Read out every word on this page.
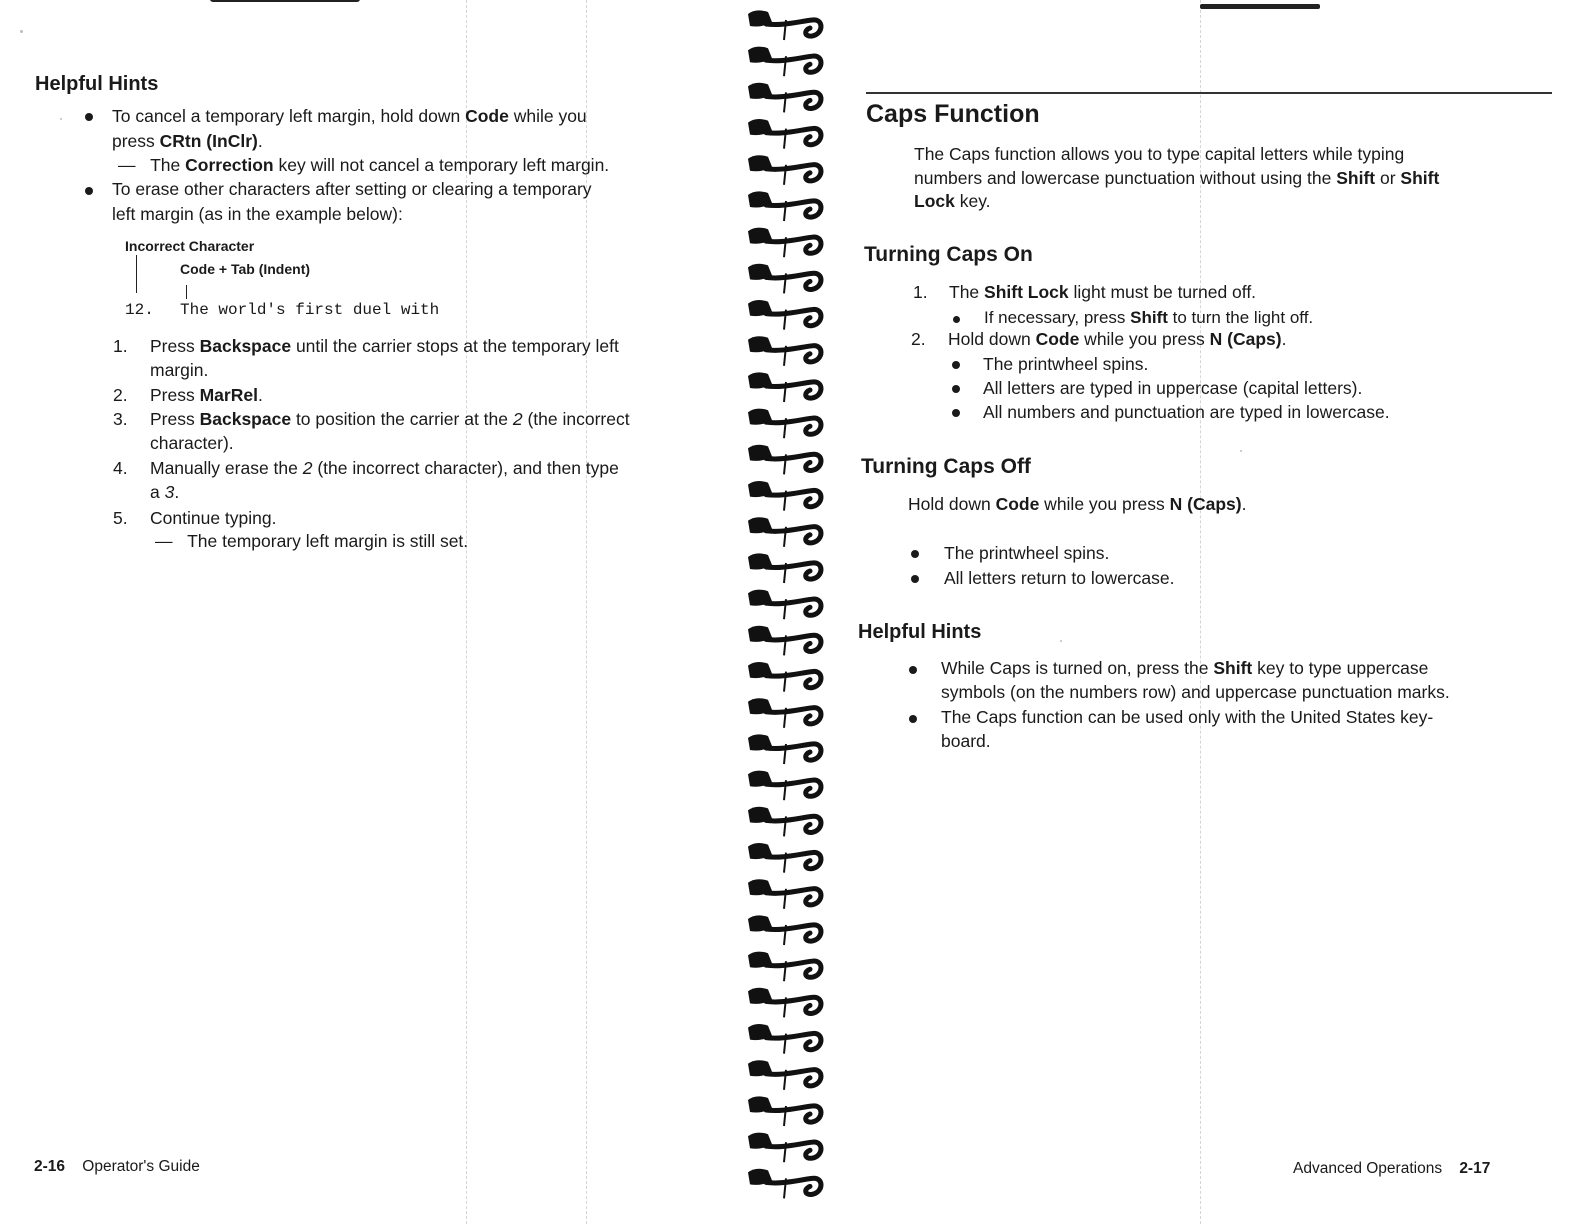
Helpful Hints
To cancel a temporary left margin, hold down Code while you
press CRtn (InClr).
— The Correction key will not cancel a temporary left margin.
To erase other characters after setting or clearing a temporary
left margin (as in the example below):
Incorrect Character
Code + Tab (Indent)
12. The world's first duel with
1. Press Backspace until the carrier stops at the temporary left
margin.
2. Press MarRel.
3. Press Backspace to position the carrier at the 2 (the incorrect
character).
4. Manually erase the 2 (the incorrect character), and then type
a 3.
5. Continue typing.
— The temporary left margin is still set.
2-16 Operator's Guide
Caps Function
The Caps function allows you to type capital letters while typing
numbers and lowercase punctuation without using the Shift or Shift
Lock key.
Turning Caps On
1. The Shift Lock light must be turned off.
If necessary, press Shift to turn the light off.
2. Hold down Code while you press N (Caps).
The printwheel spins.
All letters are typed in uppercase (capital letters).
All numbers and punctuation are typed in lowercase.
Turning Caps Off
Hold down Code while you press N (Caps).
The printwheel spins.
All letters return to lowercase.
Helpful Hints
While Caps is turned on, press the Shift key to type uppercase
symbols (on the numbers row) and uppercase punctuation marks.
The Caps function can be used only with the United States key-
board.
Advanced Operations 2-17
